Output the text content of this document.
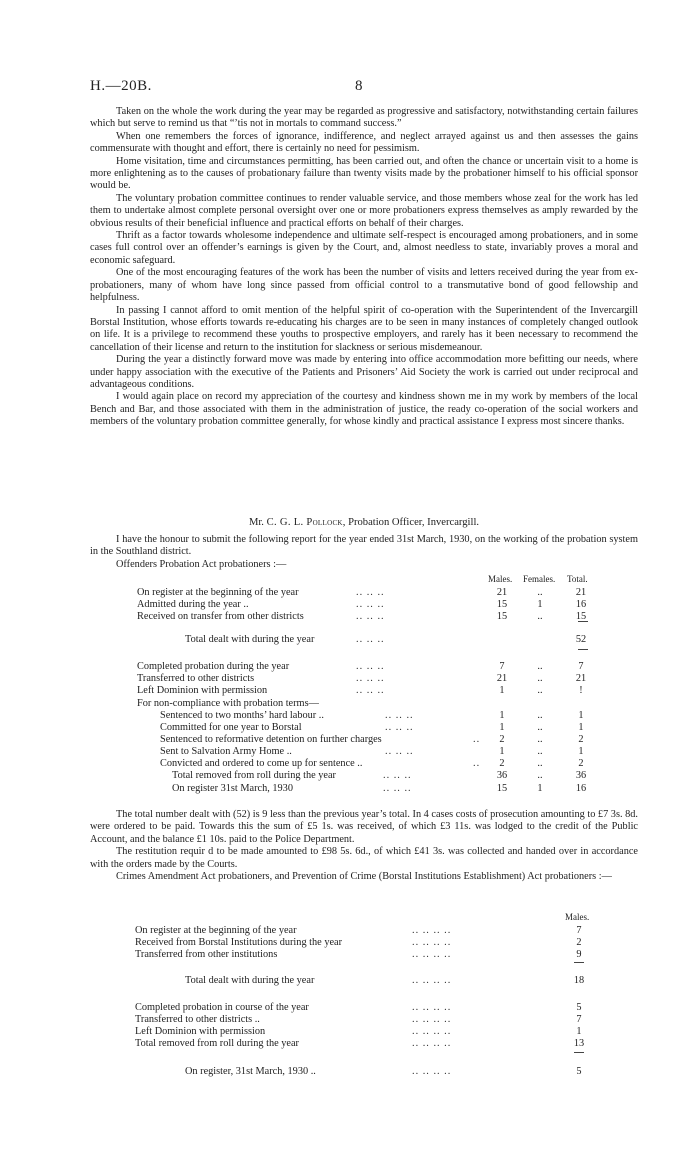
H.—20B.	8

Taken on the whole the work during the year may be regarded as progressive and satisfactory, notwithstanding certain failures which but serve to remind us that “’tis not in mortals to command success.”

When one remembers the forces of ignorance, indifference, and neglect arrayed against us and then assesses the gains commensurate with thought and effort, there is certainly no need for pessimism.

Home visitation, time and circumstances permitting, has been carried out, and often the chance or uncertain visit to a home is more enlightening as to the causes of probationary failure than twenty visits made by the probationer himself to his official sponsor would be.

The voluntary probation committee continues to render valuable service, and those members whose zeal for the work has led them to undertake almost complete personal oversight over one or more probationers express themselves as amply rewarded by the obvious results of their beneficial influence and practical efforts on behalf of their charges.

Thrift as a factor towards wholesome independence and ultimate self-respect is encouraged among probationers, and in some cases full control over an offender’s earnings is given by the Court, and, almost needless to state, invariably proves a moral and economic safeguard.

One of the most encouraging features of the work has been the number of visits and letters received during the year from ex-probationers, many of whom have long since passed from official control to a transmutative bond of good fellowship and helpfulness.

In passing I cannot afford to omit mention of the helpful spirit of co-operation with the Superintendent of the Invercargill Borstal Institution, whose efforts towards re-educating his charges are to be seen in many instances of completely changed outlook on life. It is a privilege to recommend these youths to prospective employers, and rarely has it been necessary to recommend the cancellation of their license and return to the institution for slackness or serious misdemeanour.

During the year a distinctly forward move was made by entering into office accommodation more befitting our needs, where under happy association with the executive of the Patients and Prisoners’ Aid Society the work is carried out under reciprocal and advantageous conditions.

I would again place on record my appreciation of the courtesy and kindness shown me in my work by members of the local Bench and Bar, and those associated with them in the administration of justice, the ready co-operation of the social workers and members of the voluntary probation committee generally, for whose kindly and practical assistance I express most sincere thanks.

Mr. C. G. L. Pollock, Probation Officer, Invercargill.

I have the honour to submit the following report for the year ended 31st March, 1930, on the working of the probation system in the Southland district.

Offenders Probation Act probationers :—

Males. Females. Total.
On register at the beginning of the year	.. .. ..	21	..	21
Admitted during the year ..	.. .. ..	15	1	16
Received on transfer from other districts	.. .. ..	15	..	15
Total dealt with during the year	.. .. ..	52
Completed probation during the year	.. .. ..	7	..	7
Transferred to other districts	.. .. ..	21	..	21
Left Dominion with permission	.. .. ..	1	..	!
For non-compliance with probation terms—
Sentenced to two months’ hard labour ..	.. .. ..	1	..	1
Committed for one year to Borstal	.. .. ..	1	..	1
Sentenced to reformative detention on further charges	..	2	..	2
Sent to Salvation Army Home ..	.. .. ..	1	..	1
Convicted and ordered to come up for sentence ..	..	2	..	2
Total removed from roll during the year	.. .. ..	36	..	36
On register 31st March, 1930	.. .. ..	15	1	16

The total number dealt with (52) is 9 less than the previous year’s total. In 4 cases costs of prosecution amounting to £7 3s. 8d. were ordered to be paid. Towards this the sum of £5 1s. was received, of which £3 11s. was lodged to the credit of the Public Account, and the balance £1 10s. paid to the Police Department.

The restitution requir d to be made amounted to £98 5s. 6d., of which £41 3s. was collected and handed over in accordance with the orders made by the Courts.

Crimes Amendment Act probationers, and Prevention of Crime (Borstal Institutions Establishment) Act probationers :—

Males.
On register at the beginning of the year	.. .. .. ..	7
Received from Borstal Institutions during the year	.. .. .. ..	2
Transferred from other institutions	.. .. .. ..	9
Total dealt with during the year	.. .. .. ..	18
Completed probation in course of the year	.. .. .. ..	5
Transferred to other districts ..	.. .. .. ..	7
Left Dominion with permission	.. .. .. ..	1
Total removed from roll during the year	.. .. .. ..	13
On register, 31st March, 1930 ..	.. .. .. ..	5
